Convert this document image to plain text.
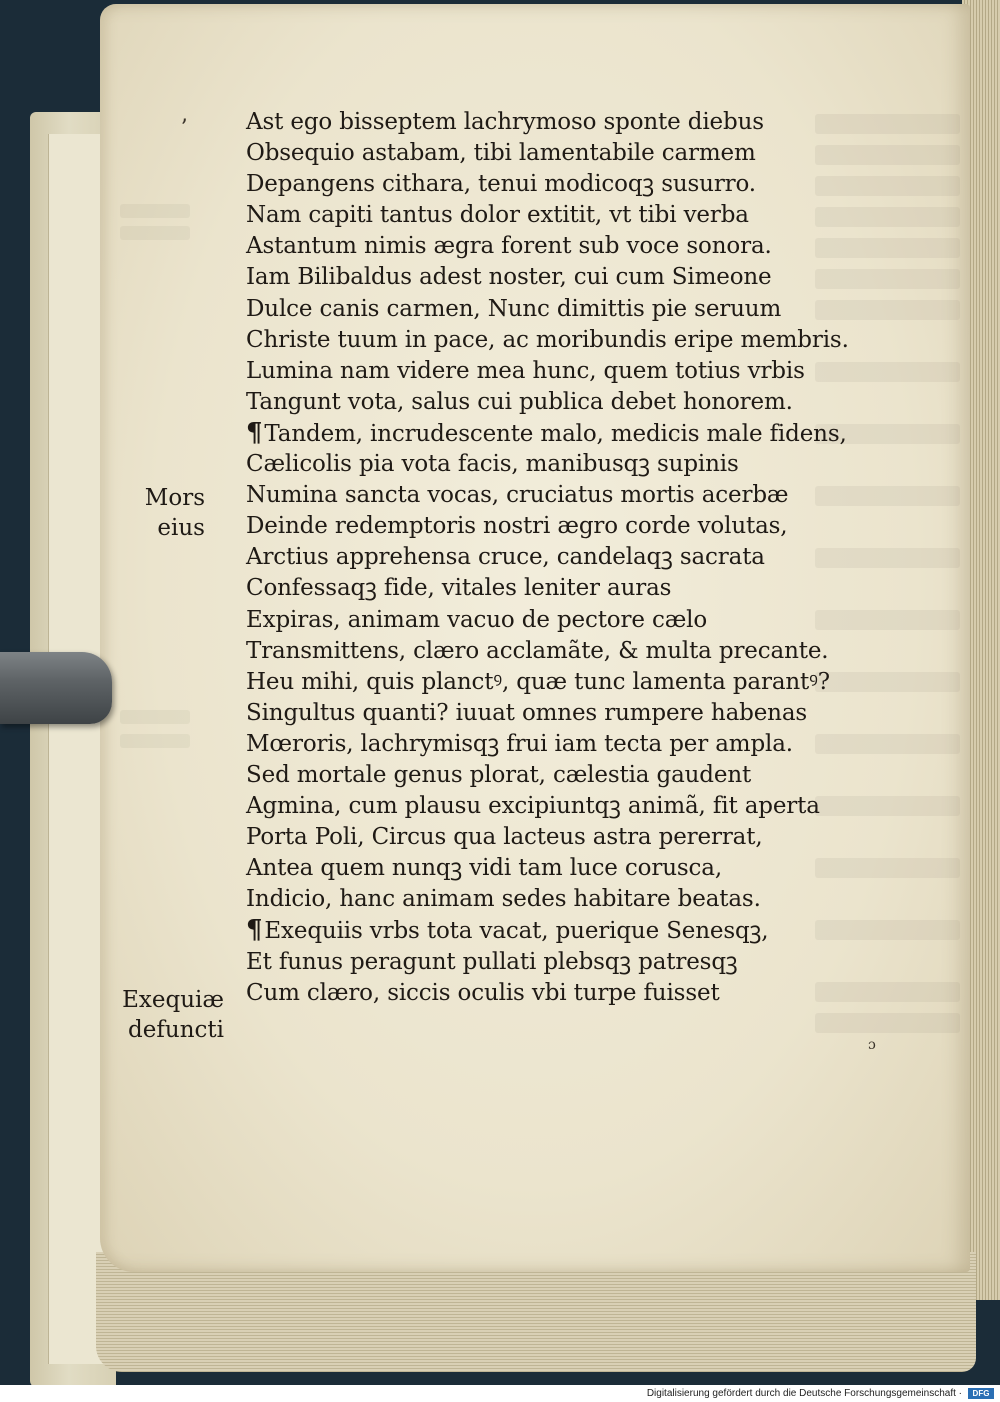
ʼ	Ast ego bisseptem lachrymoso sponte diebus
Obsequio astabam, tibi lamentabile carmem
Depangens cithara, tenui modicoqꝫ susurro.
Nam capiti tantus dolor extitit, vt tibi verba
Astantum nimis ægra forent sub voce sonora.
Iam Bilibaldus adest noster, cui cum Simeone
Dulce canis carmen, Nunc dimittis pie seruum
Christe tuum in pace, ac moribundis eripe membris.
Lumina nam videre mea hunc, quem totius vrbis
Tangunt vota, salus cui publica debet honorem.
¶Tandem, incrudescente malo, medicis male fidens,
Cælicolis pia vota facis, manibusqꝫ supinis
Numina sancta vocas, cruciatus mortis acerbæ
Deinde redemptoris nostri ægro corde volutas,
Arctius apprehensa cruce, candelaqꝫ sacrata
Confessaqꝫ fide, vitales leniter auras
Expiras, animam vacuo de pectore cælo
Transmittens, clæro acclamãte, & multa precante.
Heu mihi, quis planctꝰ, quæ tunc lamenta parantꝰ?
Singultus quanti? iuuat omnes rumpere habenas
Mœroris, lachrymisqꝫ frui iam tecta per ampla.
Sed mortale genus plorat, cælestia gaudent
Agmina, cum plausu excipiuntqꝫ animã, fit aperta
Porta Poli, Circus qua lacteus astra pererrat,
Antea quem nunqꝫ vidi tam luce corusca,
Indicio, hanc animam sedes habitare beatas.
¶Exequiis vrbs tota vacat, puerique Senesqꝫ,
Et funus peragunt pullati plebsqꝫ patresqꝫ
Cum clæro, siccis oculis vbi turpe fuisset
Mors
eius
Exequiæ
defuncti
ɔ
Digitalisierung gefördert durch die Deutsche Forschungsgemeinschaft ·	DFG
